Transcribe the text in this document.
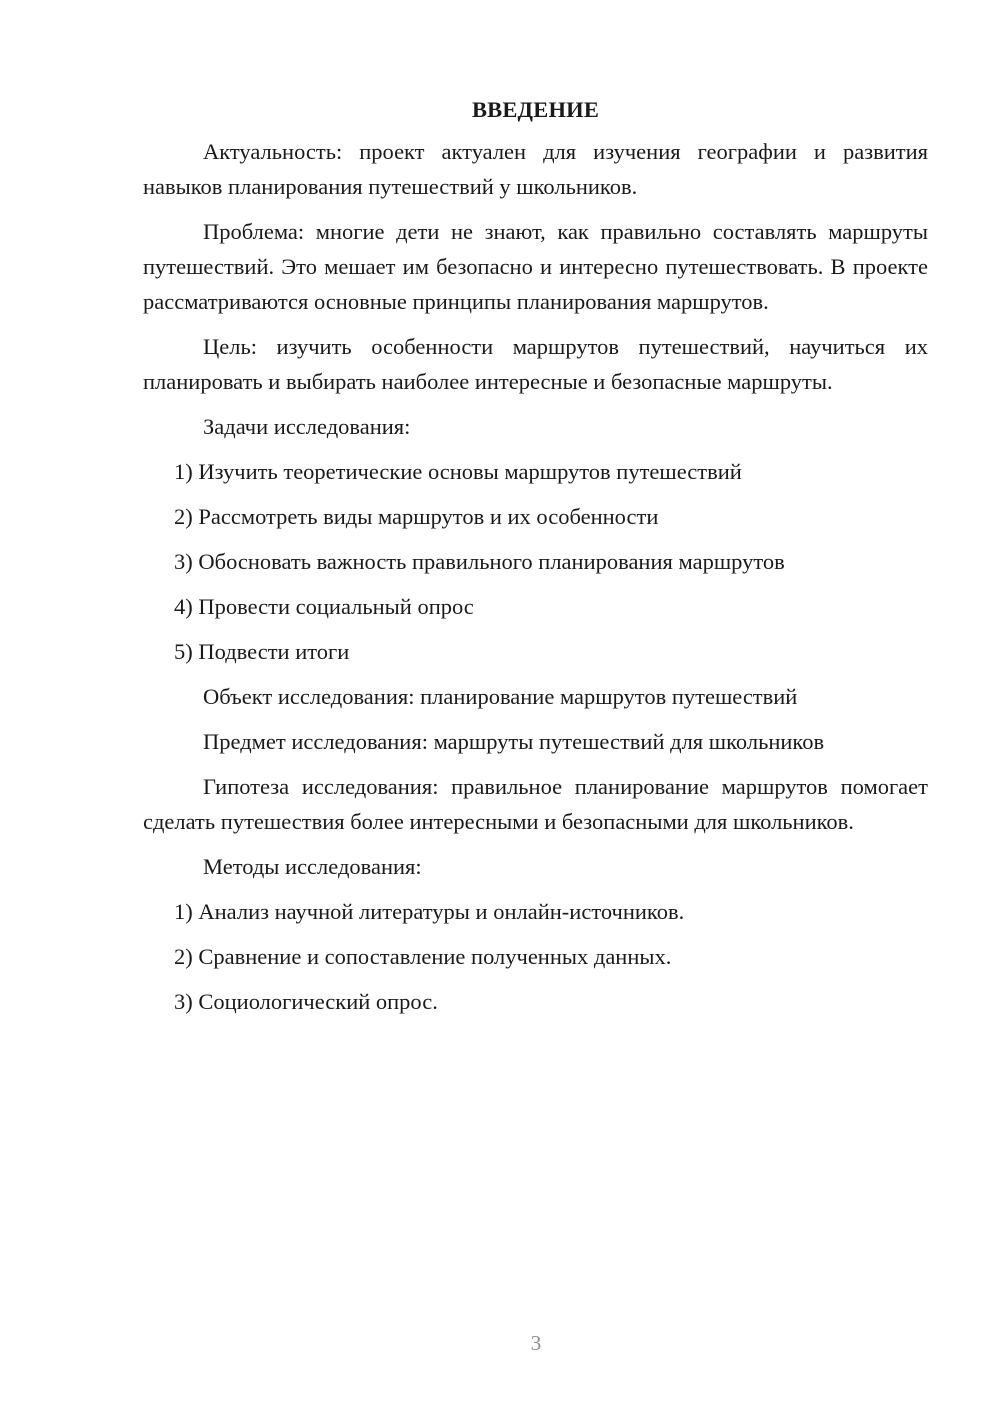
ВВЕДЕНИЕ

Актуальность: проект актуален для изучения географии и развития навыков планирования путешествий у школьников.

Проблема: многие дети не знают, как правильно составлять маршруты путешествий. Это мешает им безопасно и интересно путешествовать. В проекте рассматриваются основные принципы планирования маршрутов.

Цель: изучить особенности маршрутов путешествий, научиться их планировать и выбирать наиболее интересные и безопасные маршруты.

Задачи исследования:
1) Изучить теоретические основы маршрутов путешествий
2) Рассмотреть виды маршрутов и их особенности
3) Обосновать важность правильного планирования маршрутов
4) Провести социальный опрос
5) Подвести итоги
Объект исследования: планирование маршрутов путешествий
Предмет исследования: маршруты путешествий для школьников

Гипотеза исследования: правильное планирование маршрутов помогает сделать путешествия более интересными и безопасными для школьников.

Методы исследования:
1) Анализ научной литературы и онлайн-источников.
2) Сравнение и сопоставление полученных данных.
3) Социологический опрос.
3
